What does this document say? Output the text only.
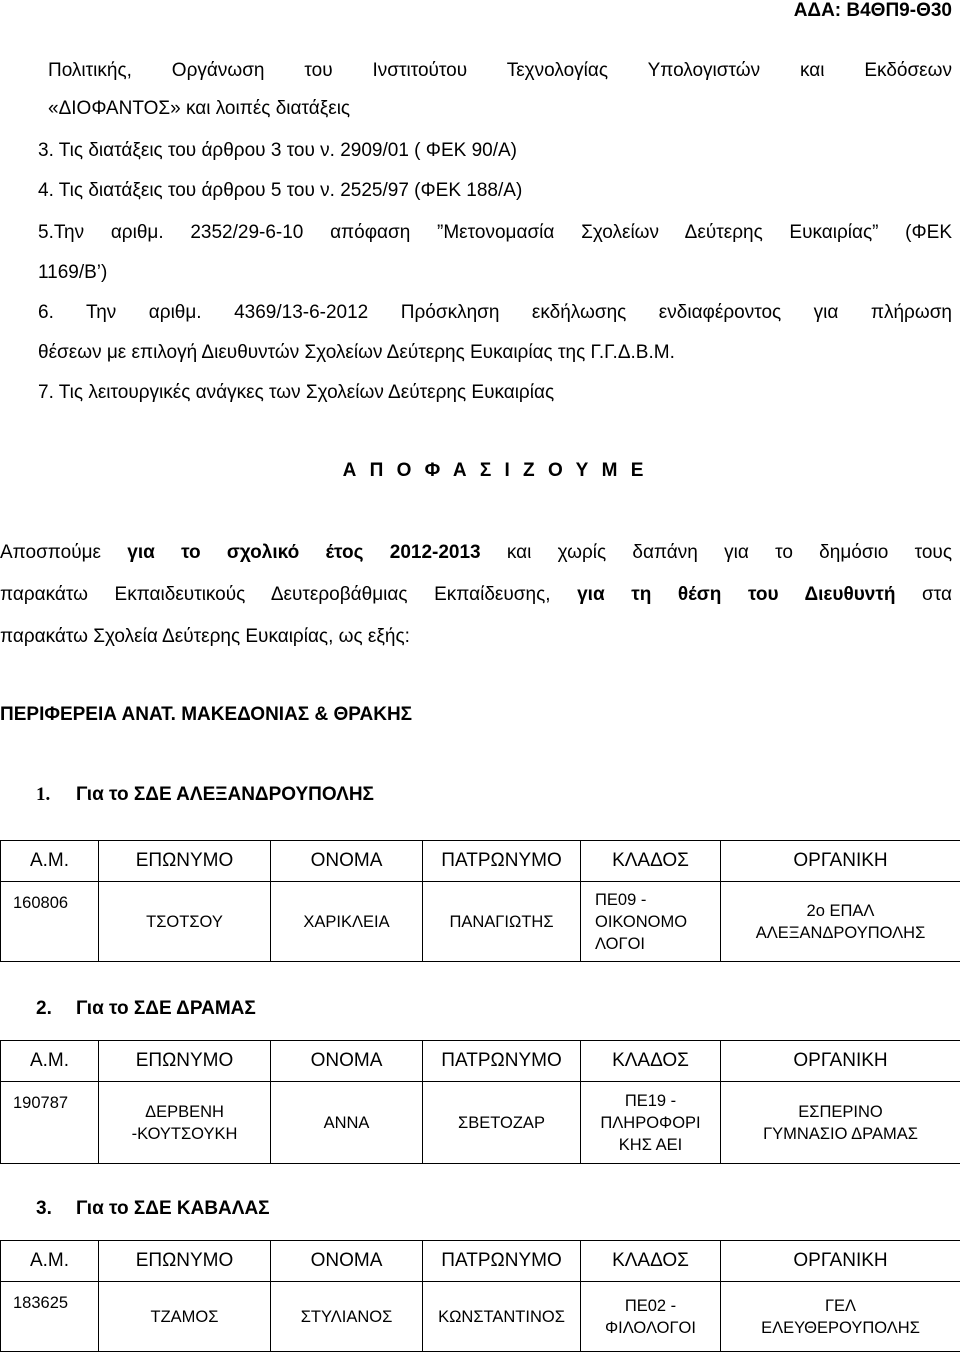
ΑΔΑ: Β4ΘΠ9-Θ30
Πολιτικής, Οργάνωση του Ινστιτούτου Τεχνολογίας Υπολογιστών και Εκδόσεων
«ΔΙΟΦΑΝΤΟΣ» και λοιπές διατάξεις
3. Τις διατάξεις του άρθρου 3 του ν. 2909/01 ( ΦΕΚ 90/Α)
4. Τις διατάξεις του άρθρου 5 του ν. 2525/97 (ΦΕΚ 188/Α)
5.Την αριθμ. 2352/29-6-10 απόφαση ”Μετονομασία Σχολείων Δεύτερης Ευκαιρίας” (ΦΕΚ
1169/Β’)
6. Την αριθμ. 4369/13-6-2012 Πρόσκληση εκδήλωσης ενδιαφέροντος για πλήρωση
θέσεων με επιλογή Διευθυντών Σχολείων Δεύτερης Ευκαιρίας της Γ.Γ.Δ.Β.Μ.
7. Τις λειτουργικές ανάγκες των Σχολείων Δεύτερης Ευκαιρίας
Α Π Ο Φ Α Σ Ι Ζ Ο Υ Μ Ε
Αποσπούμε για το σχολικό έτος 2012-2013 και χωρίς δαπάνη για το δημόσιο τους
παρακάτω Εκπαιδευτικούς Δευτεροβάθμιας Εκπαίδευσης, για τη θέση του Διευθυντή στα
παρακάτω Σχολεία Δεύτερης Ευκαιρίας, ως εξής:
ΠΕΡΙΦΕΡΕΙΑ ΑΝΑΤ. ΜΑΚΕΔΟΝΙΑΣ & ΘΡΑΚΗΣ
1. Για το ΣΔΕ ΑΛΕΞΑΝΔΡΟΥΠΟΛΗΣ
Α.Μ.	ΕΠΩΝΥΜΟ	ΟΝΟΜΑ	ΠΑΤΡΩΝΥΜΟ	ΚΛΑΔΟΣ	ΟΡΓΑΝΙΚΗ
160806	ΤΣΟΤΣΟΥ	ΧΑΡΙΚΛΕΙΑ	ΠΑΝΑΓΙΩΤΗΣ	ΠΕ09 -
ΟΙΚΟΝΟΜΟ
ΛΟΓΟΙ	2ο ΕΠΑΛ
ΑΛΕΞΑΝΔΡΟΥΠΟΛΗΣ
2. Για το ΣΔΕ ΔΡΑΜΑΣ
Α.Μ.	ΕΠΩΝΥΜΟ	ΟΝΟΜΑ	ΠΑΤΡΩΝΥΜΟ	ΚΛΑΔΟΣ	ΟΡΓΑΝΙΚΗ
190787	ΔΕΡΒΕΝΗ
-ΚΟΥΤΣΟΥΚΗ	ΑΝΝΑ	ΣΒΕΤΟΖΑΡ	ΠΕ19 -
ΠΛΗΡΟΦΟΡΙ
ΚΗΣ ΑΕΙ	ΕΣΠΕΡΙΝΟ
ΓΥΜΝΑΣΙΟ ΔΡΑΜΑΣ
3. Για το ΣΔΕ ΚΑΒΑΛΑΣ
Α.Μ.	ΕΠΩΝΥΜΟ	ΟΝΟΜΑ	ΠΑΤΡΩΝΥΜΟ	ΚΛΑΔΟΣ	ΟΡΓΑΝΙΚΗ
183625	ΤΖΑΜΟΣ	ΣΤΥΛΙΑΝΟΣ	ΚΩΝΣΤΑΝΤΙΝΟΣ	ΠΕ02 -
ΦΙΛΟΛΟΓΟΙ	ΓΕΛ
ΕΛΕΥΘΕΡΟΥΠΟΛΗΣ
